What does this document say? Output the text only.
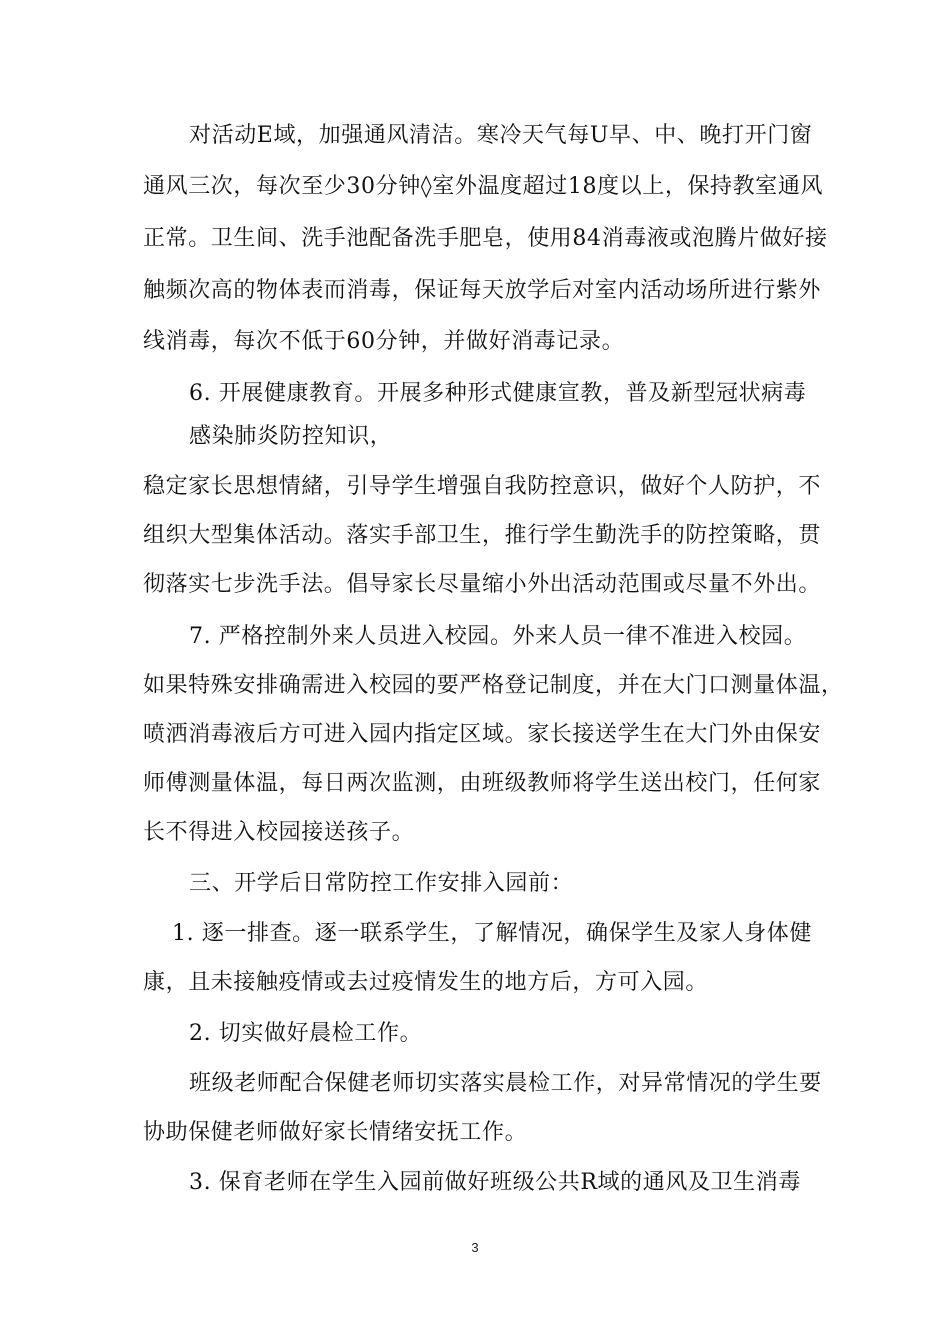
对活动E域，加强通风清洁。寒冷天气每U早、中、晚打开门窗
通风三次，每次至少30分钟◊室外温度超过18度以上，保持教室通风
正常。卫生间、洗手池配备洗手肥皂，使用84消毒液或泡腾片做好接
触频次高的物体表而消毒，保证每天放学后对室内活动场所进行紫外
线消毒，每次不低于60分钟，并做好消毒记录。
6. 开展健康教育。开展多种形式健康宣教，普及新型冠状病毒
感染肺炎防控知识，
稳定家长思想情緒，引导学生增强自我防控意识，做好个人防护，不
组织大型集体活动。落实手部卫生，推行学生勤洗手的防控策略，贯
彻落实七步洗手法。倡导家长尽量缩小外出活动范围或尽量不外出。
7. 严格控制外来人员进入校园。外来人员一律不准进入校园。
如果特殊安排确需进入校园的要严格登记制度，并在大门口测量体温，
喷洒消毒液后方可进入园内指定区域。家长接送学生在大门外由保安
师傅测量体温，每日两次监测，由班级教师将学生送出校门，任何家
长不得进入校园接送孩子。
三、开学后日常防控工作安排入园前：
1. 逐一排查。逐一联系学生，了解情况，确保学生及家人身体健
康，且未接触疫情或去过疫情发生的地方后，方可入园。
2. 切实做好晨检工作。
班级老师配合保健老师切实落实晨检工作，对异常情况的学生要
协助保健老师做好家长情绪安抚工作。
3. 保育老师在学生入园前做好班级公共R域的通风及卫生消毒
3
